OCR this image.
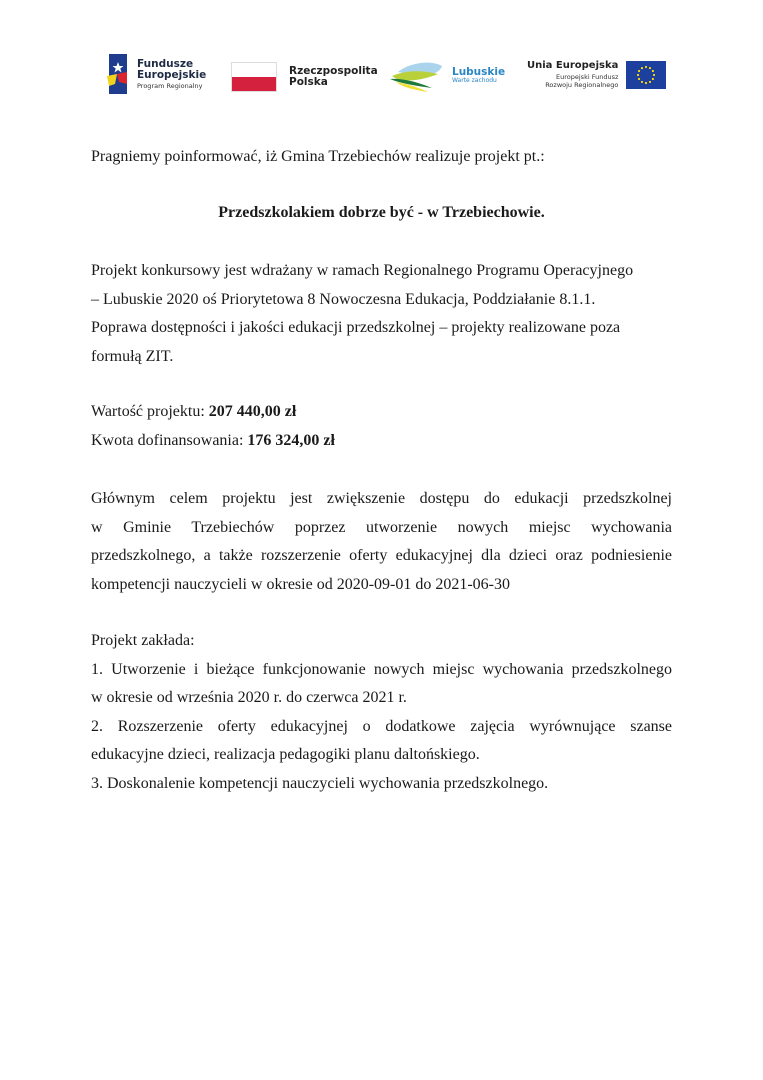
Fundusze
Europejskie
Program Regionalny
Rzeczpospolita
Polska
Lubuskie
Warte zachodu
Unia Europejska
Europejski Fundusz
Rozwoju Regionalnego

Pragniemy poinformować, iż Gmina Trzebiechów realizuje projekt pt.:

Przedszkolakiem dobrze być - w Trzebiechowie.

Projekt konkursowy jest wdrażany w ramach Regionalnego Programu Operacyjnego

– Lubuskie 2020 oś Priorytetowa 8 Nowoczesna Edukacja, Poddziałanie 8.1.1.

Poprawa dostępności i jakości edukacji przedszkolnej – projekty realizowane poza

formułą ZIT.

Wartość projektu: 207 440,00 zł

Kwota dofinansowania: 176 324,00 zł

Głównym celem projektu jest zwiększenie dostępu do edukacji przedszkolnej

w Gminie Trzebiechów poprzez utworzenie nowych miejsc wychowania

przedszkolnego, a także rozszerzenie oferty edukacyjnej dla dzieci oraz podniesienie

kompetencji nauczycieli w okresie od 2020-09-01 do 2021-06-30

Projekt zakłada:

1. Utworzenie i bieżące funkcjonowanie nowych miejsc wychowania przedszkolnego

w okresie od września 2020 r. do czerwca 2021 r.

2. Rozszerzenie oferty edukacyjnej o dodatkowe zajęcia wyrównujące szanse

edukacyjne dzieci, realizacja pedagogiki planu daltońskiego.

3. Doskonalenie kompetencji nauczycieli wychowania przedszkolnego.
